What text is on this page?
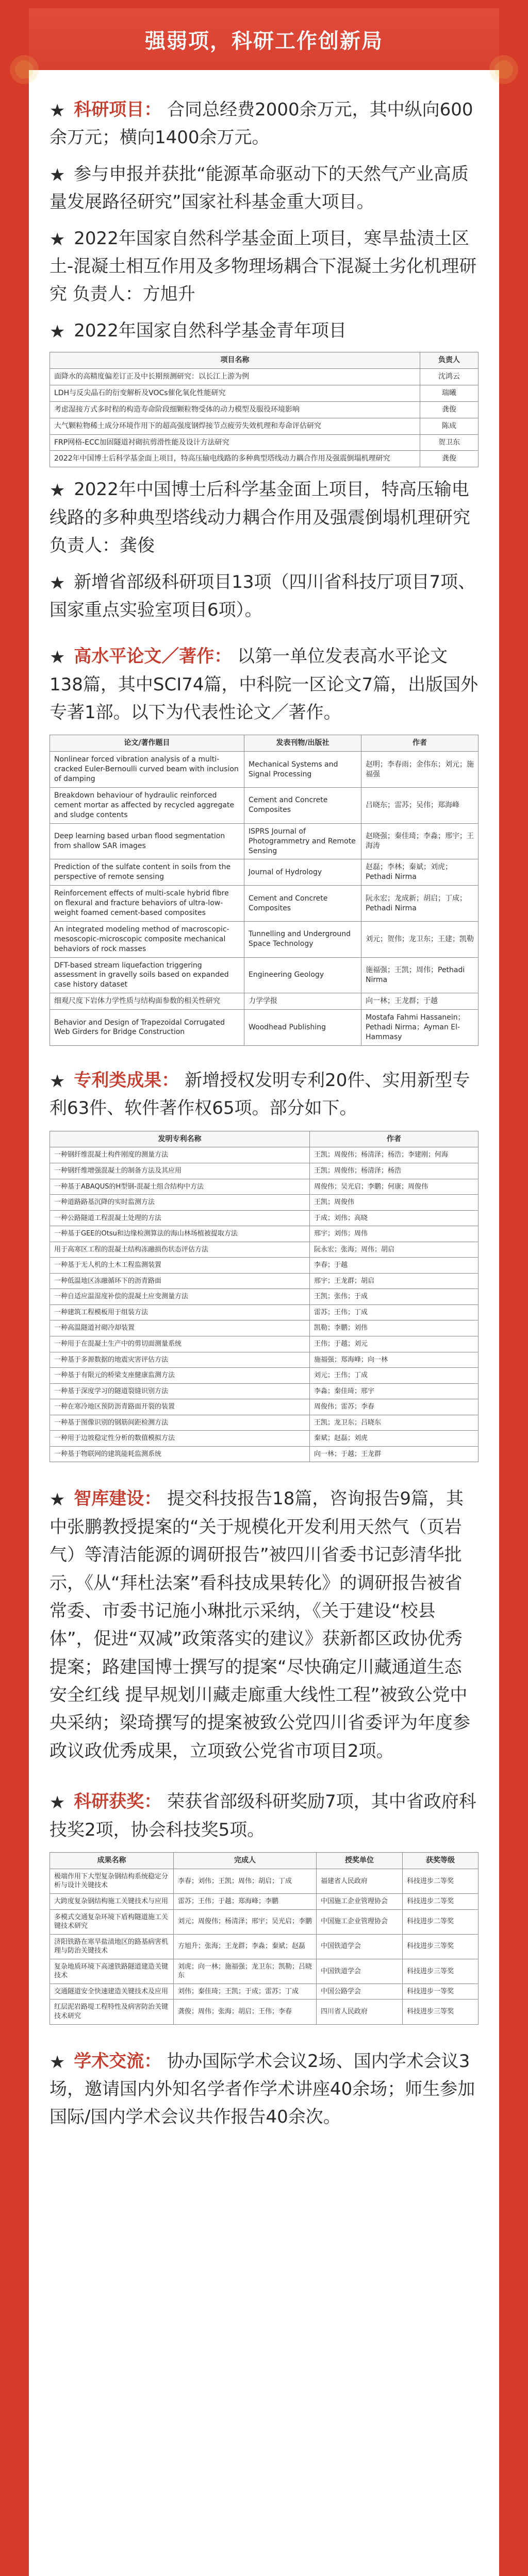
强弱项，科研工作创新局
★ 科研项目： 合同总经费2000余万元，其中纵向600余万元；横向1400余万元。
★ 参与申报并获批“能源革命驱动下的天然气产业高质量发展路径研究”国家社科基金重大项目。
★ 2022年国家自然科学基金面上项目，寒旱盐渍土区土-混凝土相互作用及多物理场耦合下混凝土劣化机理研究 负责人：方旭升
★ 2022年国家自然科学基金青年项目
项目名称	负责人
面降水的高精度偏差订正及中长期预测研究：以长江上游为例	沈鸿云
LDH与反尖晶石的衍变解析及VOCs催化氧化性能研究	瑞曦
考虑湿接方式多时程的构造寿命阶段细颗粒物受体的动力模型及服役环境影响	龚俊
大气颗粒物稀土成分环境作用下的超高强度钢焊接节点疲劳失效机理和寿命评估研究	陈成
FRP网格-ECC加固隧道衬砌抗剪滑性能及设计方法研究	贺卫东
2022年中国博士后科学基金面上项目，特高压输电线路的多种典型塔线动力耦合作用及强震倒塌机理研究	龚俊
★ 2022年中国博士后科学基金面上项目，特高压输电线路的多种典型塔线动力耦合作用及强震倒塌机理研究 负责人：龚俊
★ 新增省部级科研项目13项（四川省科技厅项目7项、国家重点实验室项目6项）。
★ 高水平论文／著作： 以第一单位发表高水平论文138篇，其中SCI74篇，中科院一区论文7篇，出版国外专著1部。以下为代表性论文／著作。
论文/著作题目	发表刊物/出版社	作者
Nonlinear forced vibration analysis of a multi-cracked Euler-Bernoulli curved beam with inclusion of damping	Mechanical Systems and Signal Processing	赵明；李春雨；金伟东；刘元；施福强
Breakdown behaviour of hydraulic reinforced cement mortar as affected by recycled aggregate and sludge contents	Cement and Concrete Composites	吕晓东；雷苏；吴伟；郑海峰
Deep learning based urban flood segmentation from shallow SAR images	ISPRS Journal of Photogrammetry and Remote Sensing	赵晓强；秦佳琦；李淼；邢宇；王海涛
Prediction of the sulfate content in soils from the perspective of remote sensing	Journal of Hydrology	赵磊；李林；秦斌；刘虎；Pethadi Nirma
Reinforcement effects of multi-scale hybrid fibre on flexural and fracture behaviors of ultra-low-weight foamed cement-based composites	Cement and Concrete Composites	阮永宏；龙成新；胡启；丁成；Pethadi Nirma
An integrated modeling method of macroscopic-mesoscopic-microscopic composite mechanical behaviors of rock masses	Tunnelling and Underground Space Technology	刘元；贺伟；龙卫东；王建；凯勒
DFT-based stream liquefaction triggering assessment in gravelly soils based on expanded case history dataset	Engineering Geology	施福强；王凯；周伟；Pethadi Nirma
细观尺度下岩体力学性质与结构面参数的相关性研究	力学学报	向一林；王龙群；于越
Behavior and Design of Trapezoidal Corrugated Web Girders for Bridge Construction	Woodhead Publishing	Mostafa Fahmi Hassanein；Pethadi Nirma；Ayman El-Hammasy
★ 专利类成果： 新增授权发明专利20件、实用新型专利63件、软件著作权65项。部分如下。
发明专利名称	作者
一种钢纤维混凝土构件刚度的测量方法	王凯；周俊伟；杨清泽；杨浩；李建刚；何海
一种钢纤维增强混凝土的制备方法及其应用	王凯；周俊伟；杨清泽；杨浩
一种基于ABAQUS的H型钢-混凝土组合结构中方法	周俊伟；吴光启；李鹏；何康；周俊伟
一种道路路基沉降的实时监测方法	王凯；周俊伟
一种公路隧道工程混凝土处理的方法	于成；刘伟；高晓
一种基于GEE的Otsu和边缘检测算法的海山林场植被提取方法	邢宇；刘伟；周伟
用于高寒区工程的混凝土结构冻融损伤状态评估方法	阮永宏；张海；周伟；胡启
一种基于无人机的土木工程监测装置	李春；于越
一种低温地区冻融循环下的沥青路面	邢宇；王龙群；胡启
一种自适应温湿度补偿的混凝土应变测量方法	王凯；张伟；于成
一种建筑工程模板用于组装方法	雷苏；王伟；丁成
一种高温隧道衬砌冷却装置	凯勒；李鹏；刘伟
一种用于在混凝土生产中的剪切面测量系统	王伟；于越；刘元
一种基于多源数据的地震灾害评估方法	施福强；郑海峰；向一林
一种基于有限元的桥梁支座健康监测方法	刘元；王伟；丁成
一种基于深度学习的隧道裂缝识别方法	李淼；秦佳琦；邢宇
一种在寒冷地区预防沥青路面开裂的装置	周俊伟；雷苏；李春
一种基于图像识别的钢筋间距检测方法	王凯；龙卫东；吕晓东
一种用于边坡稳定性分析的数值模拟方法	秦斌；赵磊；刘虎
一种基于物联网的建筑能耗监测系统	向一林；于越；王龙群
★ 智库建设： 提交科技报告18篇，咨询报告9篇，其中张鹏教授提案的“关于规模化开发利用天然气（页岩气）等清洁能源的调研报告”被四川省委书记彭清华批示，《从“拜杜法案”看科技成果转化》的调研报告被省常委、市委书记施小琳批示采纳，《关于建设“校县体”，促进“双减”政策落实的建议》获新都区政协优秀提案；路建国博士撰写的提案“尽快确定川藏通道生态安全红线 提早规划川藏走廊重大线性工程”被致公党中央采纳；梁琦撰写的提案被致公党四川省委评为年度参政议政优秀成果，立项致公党省市项目2项。
★ 科研获奖： 荣获省部级科研奖励7项，其中省政府科技奖2项，协会科技奖5项。
成果名称	完成人	授奖单位	获奖等级
极端作用下大型复杂钢结构系统稳定分析与设计关键技术	李春；刘伟；王凯；周伟；胡启；丁成	福建省人民政府	科技进步二等奖
大跨度复杂钢结构施工关键技术与应用	雷苏；王伟；于越；郑海峰；李鹏	中国施工企业管理协会	科技进步二等奖
多模式交通复杂环境下盾构隧道施工关键技术研究	刘元；周俊伟；杨清泽；邢宇；吴光启；李鹏	中国施工企业管理协会	科技进步二等奖
济阳铁路在寒旱盐渍地区的路基病害机理与防治关键技术	方旭升；张海；王龙群；李淼；秦斌；赵磊	中国铁道学会	科技进步三等奖
复杂地质环境下高速铁路隧道建造关键技术	刘虎；向一林；施福强；龙卫东；凯勒；吕晓东	中国铁道学会	科技进步三等奖
交通隧道安全快速建造关键技术及应用	刘伟；秦佳琦；王凯；于成；雷苏；丁成	中国公路学会	科技进步一等奖
红层泥岩路堤工程特性及病害防治关键技术研究	龚俊；周伟；张海；胡启；王伟；李春	四川省人民政府	科技进步三等奖
★ 学术交流： 协办国际学术会议2场、国内学术会议3场，邀请国内外知名学者作学术讲座40余场；师生参加国际/国内学术会议共作报告40余次。
